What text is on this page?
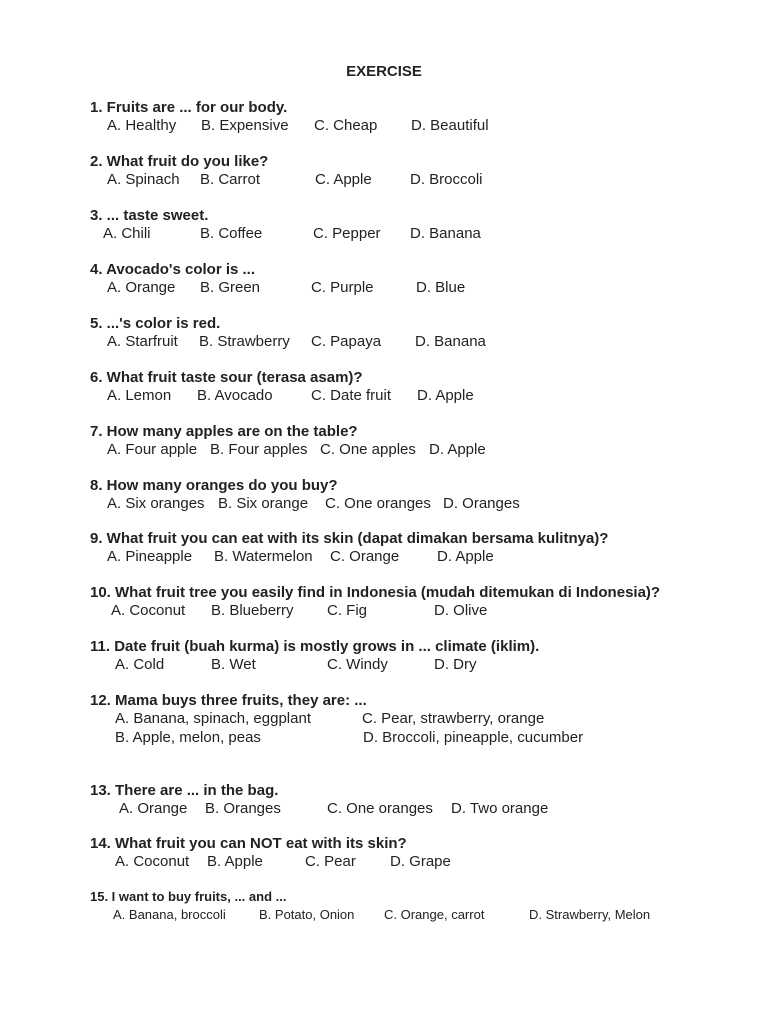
EXERCISE
1. Fruits are ... for our body.
A. Healthy B. Expensive C. Cheap D. Beautiful
2. What fruit do you like?
A. Spinach B. Carrot	C. Apple	D. Broccoli
3. ... taste sweet.
A. Chili	B. Coffee	C. Pepper D. Banana
4. Avocado's color is ...
A. Orange B. Green	C. Purple	D. Blue
5. ...'s color is red.
A. Starfruit B. Strawberry C. Papaya D. Banana
6. What fruit taste sour (terasa asam)?
A. Lemon B. Avocado	C. Date fruit D. Apple
7. How many apples are on the table?
A. Four apple B. Four apples C. One apples D. Apple
8. How many oranges do you buy?
A. Six oranges B. Six orange C. One oranges D. Oranges
9. What fruit you can eat with its skin (dapat dimakan bersama kulitnya)?
A. Pineapple B. Watermelon C. Orange	D. Apple
10. What fruit tree you easily find in Indonesia (mudah ditemukan di Indonesia)?
A. Coconut B. Blueberry C. Fig	D. Olive
11. Date fruit (buah kurma) is mostly grows in ... climate (iklim).
A. Cold	B. Wet	C. Windy	D. Dry
12. Mama buys three fruits, they are: ...
A. Banana, spinach, eggplant	C. Pear, strawberry, orange
B. Apple, melon, peas	D. Broccoli, pineapple, cucumber
13. There are ... in the bag.
A. Orange B. Oranges	C. One oranges D. Two orange
14. What fruit you can NOT eat with its skin?
A. Coconut B. Apple	C. Pear D. Grape
15. I want to buy fruits, ... and ...
A. Banana, broccoli	B. Potato, Onion C. Orange, carrot	D. Strawberry, Melon
